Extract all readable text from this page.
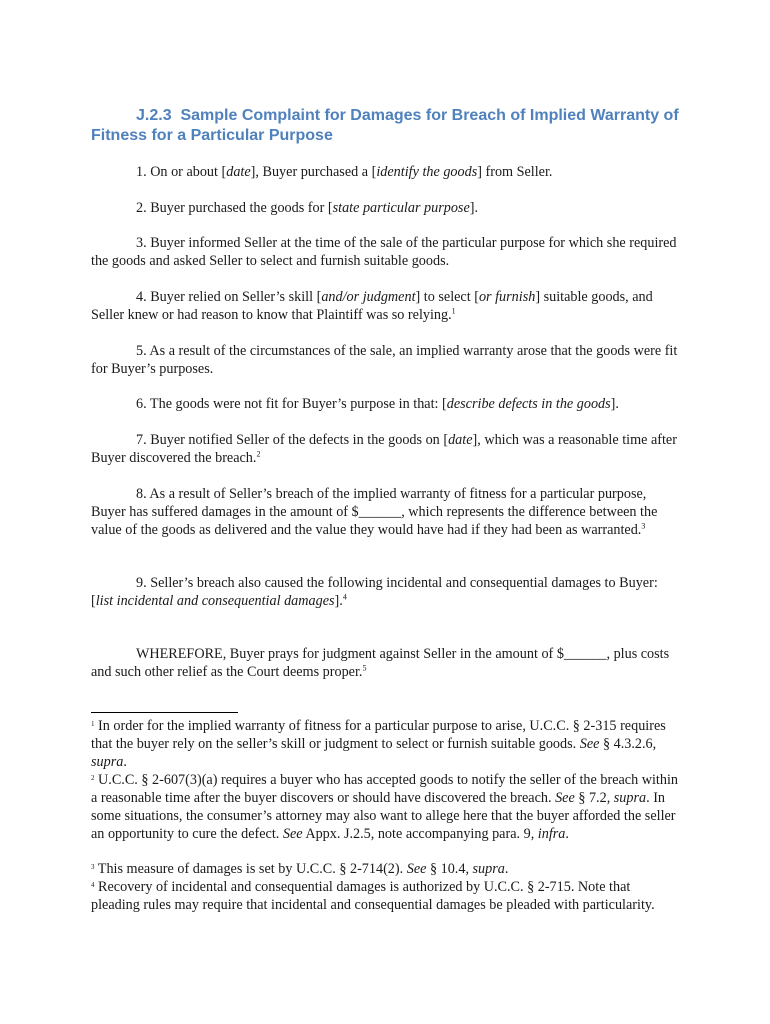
J.2.3 Sample Complaint for Damages for Breach of Implied Warranty of Fitness for a Particular Purpose

1. On or about [date], Buyer purchased a [identify the goods] from Seller.

2. Buyer purchased the goods for [state particular purpose].

3. Buyer informed Seller at the time of the sale of the particular purpose for which she required the goods and asked Seller to select and furnish suitable goods.

4. Buyer relied on Seller’s skill [and/or judgment] to select [or furnish] suitable goods, and Seller knew or had reason to know that Plaintiff was so relying.$^1$

5. As a result of the circumstances of the sale, an implied warranty arose that the goods were fit for Buyer’s purposes.

6. The goods were not fit for Buyer’s purpose in that: [describe defects in the goods].

7. Buyer notified Seller of the defects in the goods on [date], which was a reasonable time after Buyer discovered the breach.$^2$

8. As a result of Seller’s breach of the implied warranty of fitness for a particular purpose, Buyer has suffered damages in the amount of $______, which represents the difference between the value of the goods as delivered and the value they would have had if they had been as warranted.$^3$

9. Seller’s breach also caused the following incidental and consequential damages to Buyer: [list incidental and consequential damages].$^4$

WHEREFORE, Buyer prays for judgment against Seller in the amount of $______, plus costs and such other relief as the Court deems proper.$^5$

$^1$ In order for the implied warranty of fitness for a particular purpose to arise, U.C.C. § 2-315 requires that the buyer rely on the seller’s skill or judgment to select or furnish suitable goods. See § 4.3.2.6, supra.

$^2$ U.C.C. § 2-607(3)(a) requires a buyer who has accepted goods to notify the seller of the breach within a reasonable time after the buyer discovers or should have discovered the breach. See § 7.2, supra. In some situations, the consumer’s attorney may also want to allege here that the buyer afforded the seller an opportunity to cure the defect. See Appx. J.2.5, note accompanying para. 9, infra.

$^3$ This measure of damages is set by U.C.C. § 2-714(2). See § 10.4, supra.

$^4$ Recovery of incidental and consequential damages is authorized by U.C.C. § 2-715. Note that pleading rules may require that incidental and consequential damages be pleaded with particularity.
